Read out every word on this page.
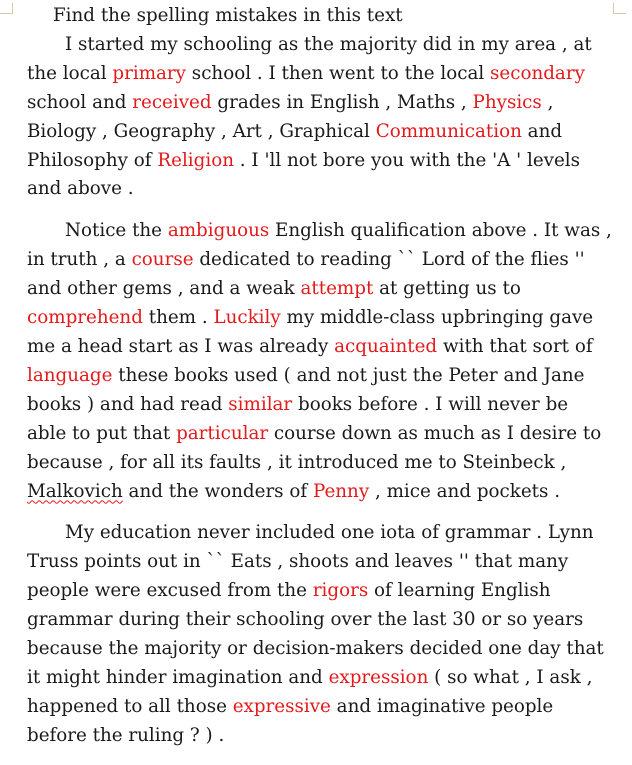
Find the spelling mistakes in this text

I started my schooling as the majority did in my area , at the local primary school . I then went to the local secondary school and received grades in English , Maths , Physics , Biology , Geography , Art , Graphical Communication and Philosophy of Religion . I 'll not bore you with the 'A ' levels and above .

Notice the ambiguous English qualification above . It was , in truth , a course dedicated to reading `` Lord of the flies '' and other gems , and a weak attempt at getting us to comprehend them . Luckily my middle-class upbringing gave me a head start as I was already acquainted with that sort of language these books used ( and not just the Peter and Jane books ) and had read similar books before . I will never be able to put that particular course down as much as I desire to because , for all its faults , it introduced me to Steinbeck , Malkovich and the wonders of Penny , mice and pockets .

My education never included one iota of grammar . Lynn Truss points out in `` Eats , shoots and leaves '' that many people were excused from the rigors of learning English grammar during their schooling over the last 30 or so years because the majority or decision-makers decided one day that it might hinder imagination and expression ( so what , I ask , happened to all those expressive and imaginative people before the ruling ? ) .
